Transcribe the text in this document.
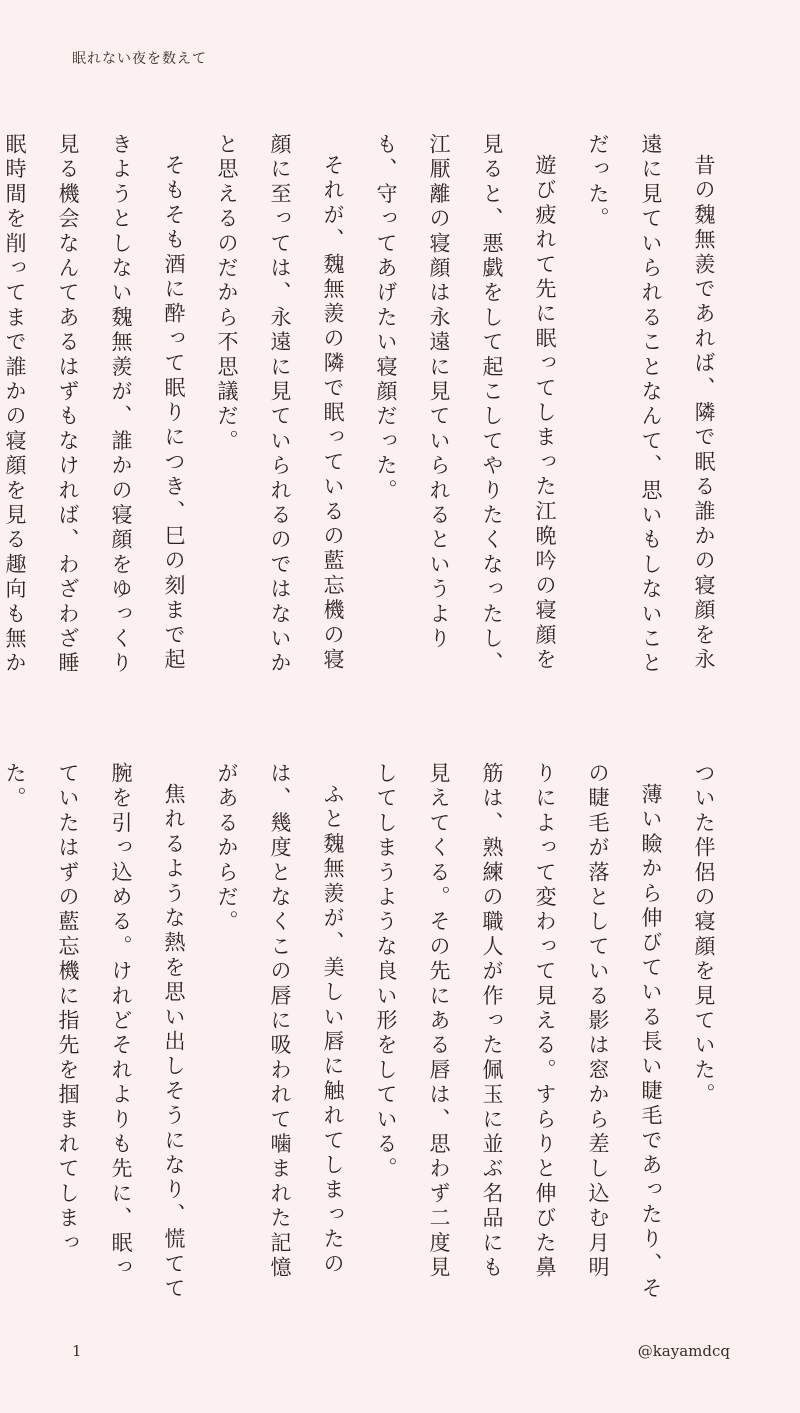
眠れない夜を数えて

昔の魏無羨であれば、隣で眠る誰かの寝顔を永遠に見ていられることなんて、思いもしないことだった。

遊び疲れて先に眠ってしまった江晩吟の寝顔を見ると、悪戯をして起こしてやりたくなったし、江厭離の寝顔は永遠に見ていられるというよりも、守ってあげたい寝顔だった。

それが、魏無羨の隣で眠っているの藍忘機の寝顔に至っては、永遠に見ていられるのではないかと思えるのだから不思議だ。

そもそも酒に酔って眠りにつき、巳の刻まで起きようとしない魏無羨が、誰かの寝顔をゆっくり見る機会なんてあるはずもなければ、わざわざ睡眠時間を削ってまで誰かの寝顔を見る趣向も無か

ついた伴侶の寝顔を見ていた。

薄い瞼から伸びている長い睫毛であったり、その睫毛が落としている影は窓から差し込む月明りによって変わって見える。すらりと伸びた鼻筋は、熟練の職人が作った佩玉に並ぶ名品にも見えてくる。その先にある唇は、思わず二度見してしまうような良い形をしている。

ふと魏無羨が、美しい唇に触れてしまったのは、幾度となくこの唇に吸われて噛まれた記憶があるからだ。

焦れるような熱を思い出しそうになり、慌てて腕を引っ込める。けれどそれよりも先に、眠っていたはずの藍忘機に指先を掴まれてしまった。

1	@kayamdcq
